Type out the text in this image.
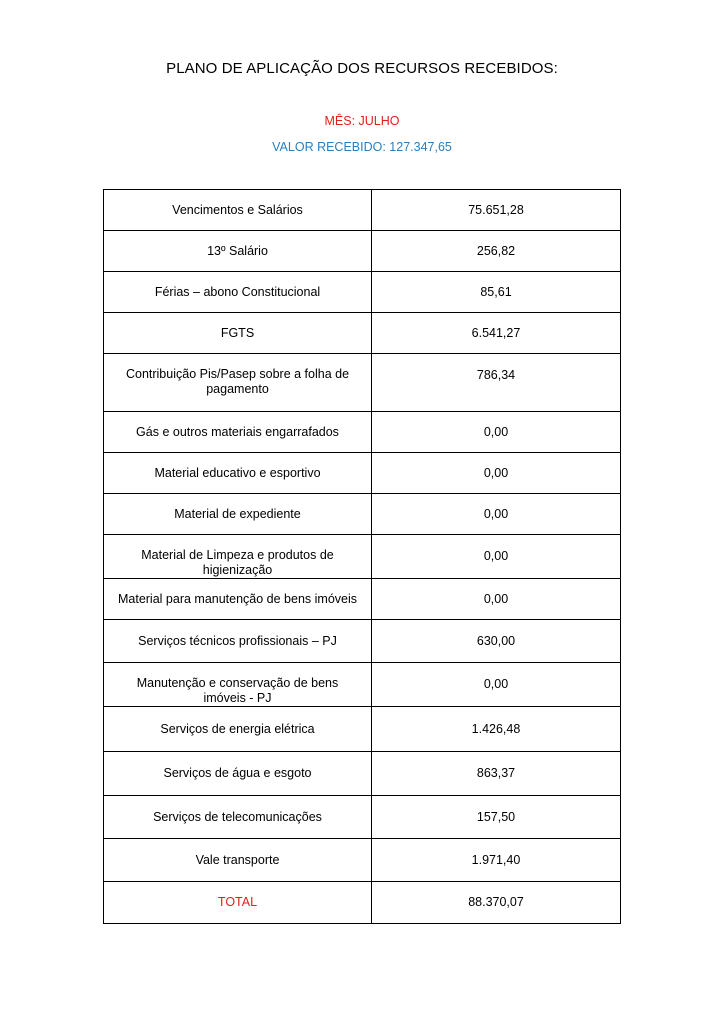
PLANO DE APLICAÇÃO DOS RECURSOS RECEBIDOS:
MÊS: JULHO
VALOR RECEBIDO: 127.347,65
Vencimentos e Salários	75.651,28
13º Salário	256,82
Férias – abono Constitucional	85,61
FGTS	6.541,27
Contribuição Pis/Pasep sobre a folha de pagamento	786,34
Gás e outros materiais engarrafados	0,00
Material educativo e esportivo	0,00
Material de expediente	0,00
Material de Limpeza e produtos de higienização	0,00
Material para manutenção de bens imóveis	0,00
Serviços técnicos profissionais – PJ	630,00
Manutenção e conservação de bens imóveis - PJ	0,00
Serviços de energia elétrica	1.426,48
Serviços de água e esgoto	863,37
Serviços de telecomunicações	157,50
Vale transporte	1.971,40
TOTAL	88.370,07
